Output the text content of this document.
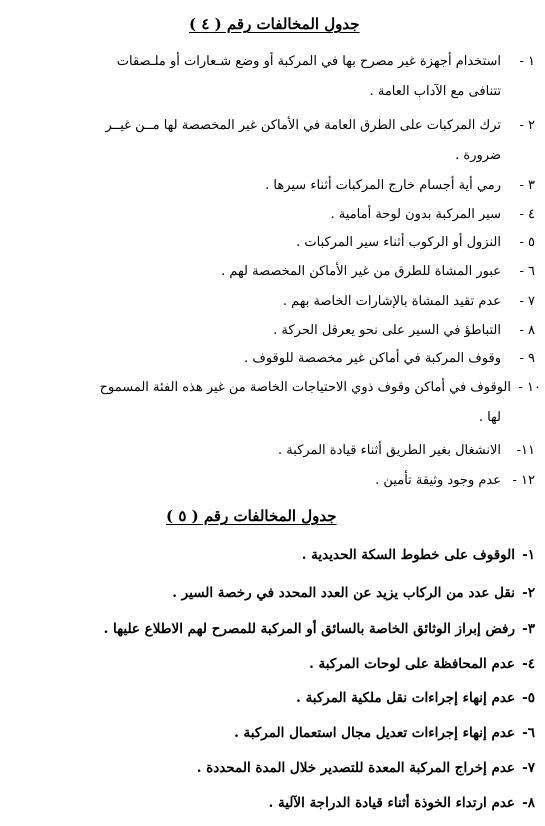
جدول المخالفات رقم ( ٤ )
١ -
استخدام أجهزة غير مصرح بها في المركبة أو وضع شـعارات أو ملـصقات
تتنافى مع الآداب العامة .
٢ -
ترك المركبات على الطرق العامة في الأماكن غير المخصصة لها مــن غيــر
ضرورة .
٣ -
رمي أية أجسام خارج المركبات أثناء سيرها .
٤ -
سير المركبة بدون لوحة أمامية .
٥ -
النزول أو الركوب أثناء سير المركبات .
٦ -
عبور المشاة للطرق من غير الأماكن المخصصة لهم .
٧ -
عدم تقيد المشاة بالإشارات الخاصة بهم .
٨ -
التباطؤ في السير على نحو يعرقل الحركة .
٩ -
وقوف المركبة في أماكن غير مخصصة للوقوف .
١٠ -
الوقوف في أماكن وقوف ذوي الاحتياجات الخاصة من غير هذه الفئة المسموح
لها .
١١-
الانشغال بغير الطريق أثناء قيادة المركبة .
١٢ -
عدم وجود وثيقة تأمين .
جدول المخالفات رقم ( ٥ )
١-
الوقوف على خطوط السكة الحديدية .
٢-
نقل عدد من الركاب يزيد عن العدد المحدد في رخصة السير .
٣-
رفض إبراز الوثائق الخاصة بالسائق أو المركبة للمصرح لهم الاطلاع عليها .
٤-
عدم المحافظة على لوحات المركبة .
٥-
عدم إنهاء إجراءات نقل ملكية المركبة .
٦-
عدم إنهاء إجراءات تعديل مجال استعمال المركبة .
٧-
عدم إخراج المركبة المعدة للتصدير خلال المدة المحددة .
٨-
عدم ارتداء الخوذة أثناء قيادة الدراجة الآلية .
